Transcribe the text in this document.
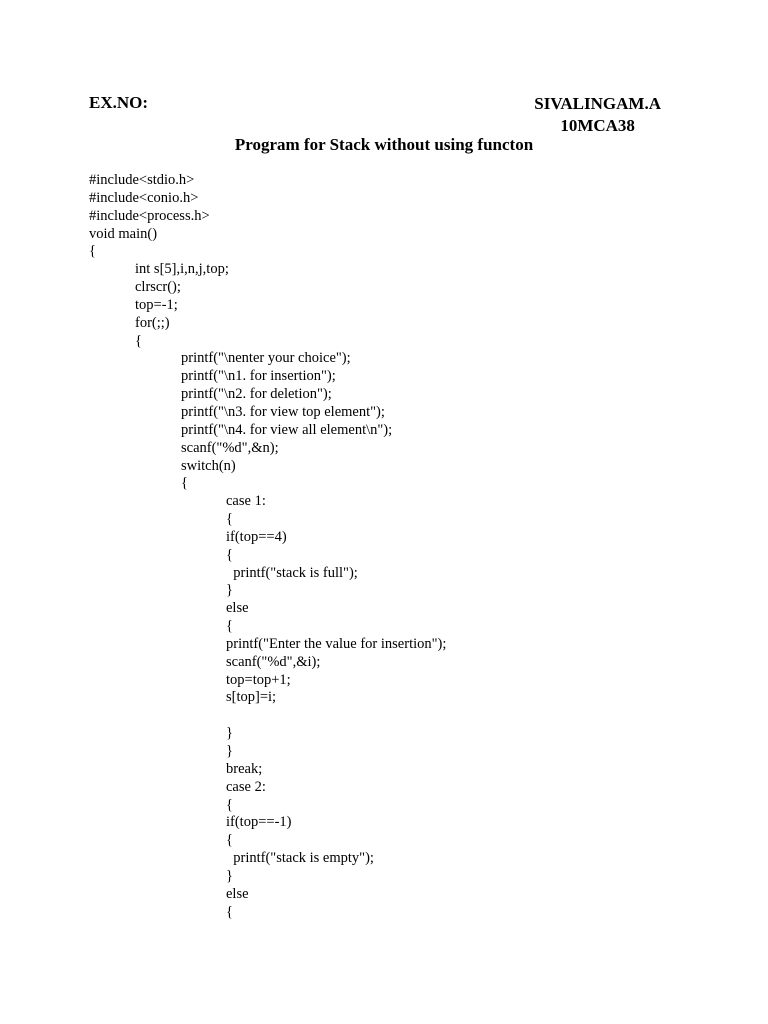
EX.NO:	SIVALINGAM.A
10MCA38
Program for Stack without using functon
#include<stdio.h>
#include<conio.h>
#include<process.h>
void main()
{
int s[5],i,n,j,top;
clrscr();
top=-1;
for(;;)
{
printf("\nenter your choice");
printf("\n1. for insertion");
printf("\n2. for deletion");
printf("\n3. for view top element");
printf("\n4. for view all element\n");
scanf("%d",&n);
switch(n)
{
case 1:
{
if(top==4)
{
printf("stack is full");
}
else
{
printf("Enter the value for insertion");
scanf("%d",&i);
top=top+1;
s[top]=i;
}
}
break;
case 2:
{
if(top==-1)
{
printf("stack is empty");
}
else
{
